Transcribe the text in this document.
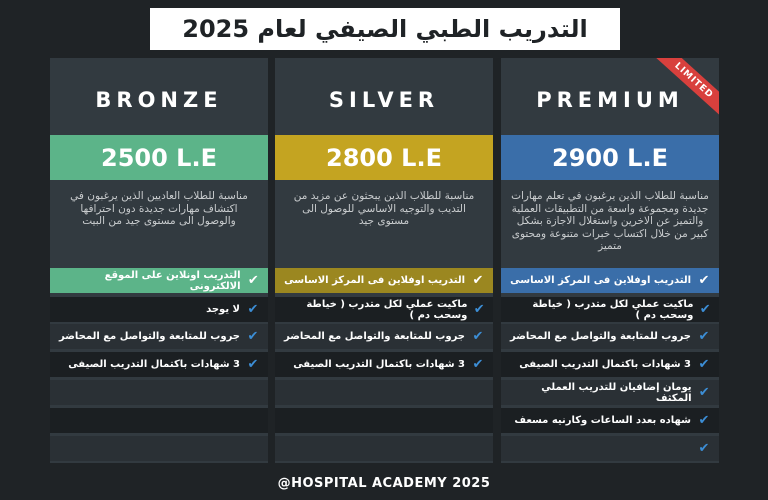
التدريب الطبي الصيفي لعام 2025
BRONZE
2500 L.E
مناسبة للطلاب العاديين الذين يرغبون في اكتشاف مهارات جديدة دون احترافها والوصول الى مستوى جيد من البيت
التدريب اونلاين على الموقع الالكترونى ✔
لا يوجد ✔
جروب للمتابعة والتواصل مع المحاضر ✔
3 شهادات باكتمال التدريب الصيفى ✔
SILVER
2800 L.E
مناسبة للطلاب الذين يبحثون عن مزيد من التديب والتوجيه الاساسي للوصول الى مستوى جيد
التدريب اوفلاين فى المركز الاساسى ✔
ماكيت عملي لكل متدرب ( خياطة وسحب دم ) ✔
جروب للمتابعة والتواصل مع المحاضر ✔
3 شهادات باكتمال التدريب الصيفى ✔
LIMITED
PREMIUM
2900 L.E
مناسبة للطلاب الذين يرغبون في تعلم مهارات جديدة ومجموعة واسعة من التطبيقات العملية والتميز عن الاخرين واستغلال الاجازة بشكل كبير من خلال اكتساب خبرات متنوعة ومحتوى متميز
التدريب اوفلاين فى المركز الاساسى ✔
ماكيت عملي لكل متدرب ( خياطة وسحب دم ) ✔
جروب للمتابعة والتواصل مع المحاضر ✔
3 شهادات باكتمال التدريب الصيفى ✔
يومان إضافيان للتدريب العملي المكثف ✔
شهاده بعدد الساعات وكارنيه مسعف ✔
✔
@HOSPITAL ACADEMY 2025
